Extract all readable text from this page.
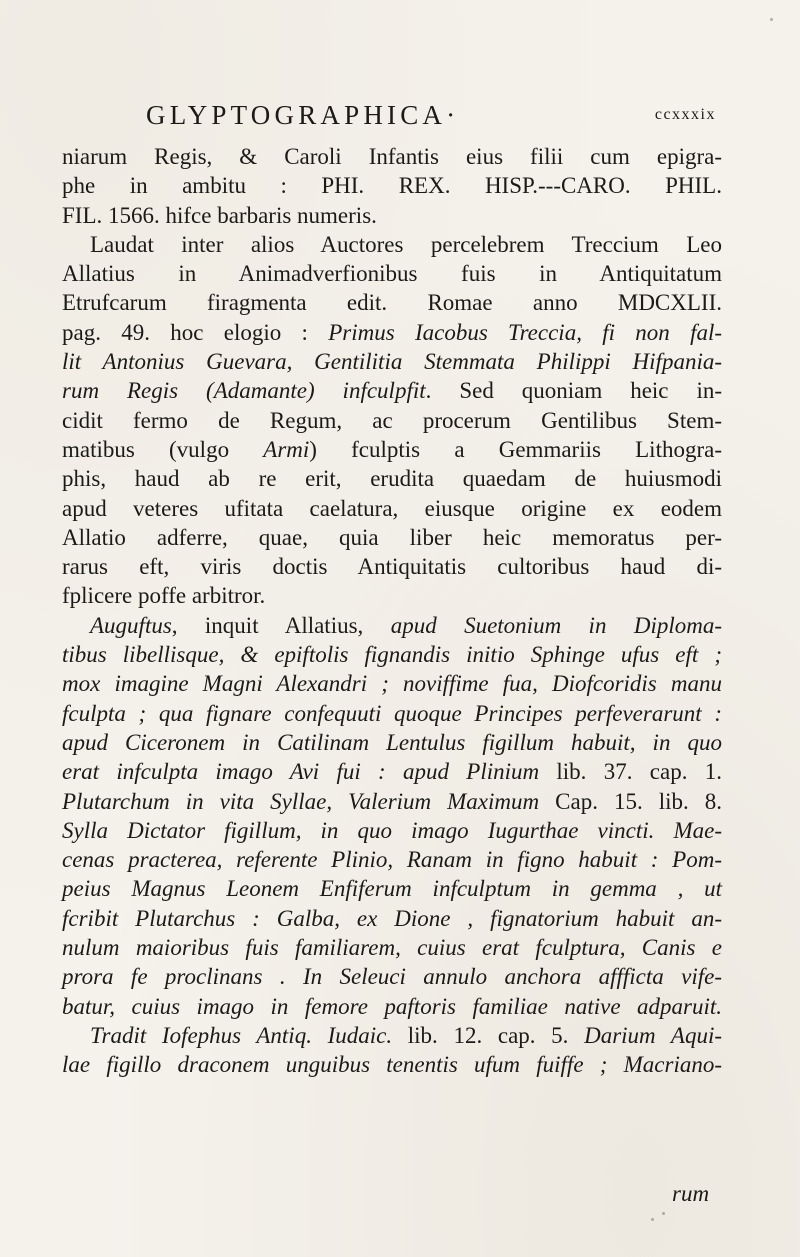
GLYPTOGRAPHICA·	ccxxxix
niarum Regis, & Caroli Infantis eius filii cum epigra-
phe in ambitu : PHI. REX. HISP.---CARO. PHIL.
FIL. 1566. hifce barbaris numeris.
Laudat inter alios Auctores percelebrem Treccium Leo
Allatius in Animadverfionibus fuis in Antiquitatum
Etrufcarum firagmenta edit. Romae anno MDCXLII.
pag. 49. hoc elogio : Primus Iacobus Treccia, fi non fal-
lit Antonius Guevara, Gentilitia Stemmata Philippi Hifpania-
rum Regis (Adamante) infculpfit. Sed quoniam heic in-
cidit fermo de Regum, ac procerum Gentilibus Stem-
matibus (vulgo Armi) fculptis a Gemmariis Lithogra-
phis, haud ab re erit, erudita quaedam de huiusmodi
apud veteres ufitata caelatura, eiusque origine ex eodem
Allatio adferre, quae, quia liber heic memoratus per-
rarus eft, viris doctis Antiquitatis cultoribus haud di-
fplicere poffe arbitror.
Auguftus, inquit Allatius, apud Suetonium in Diploma-
tibus libellisque, & epiftolis fignandis initio Sphinge ufus eft ;
mox imagine Magni Alexandri ; noviffime fua, Diofcoridis manu
fculpta ; qua fignare confequuti quoque Principes perfeverarunt :
apud Ciceronem in Catilinam Lentulus figillum habuit, in quo
erat infculpta imago Avi fui : apud Plinium lib. 37. cap. 1.
Plutarchum in vita Syllae, Valerium Maximum Cap. 15. lib. 8.
Sylla Dictator figillum, in quo imago Iugurthae vincti. Mae-
cenas practerea, referente Plinio, Ranam in figno habuit : Pom-
peius Magnus Leonem Enfiferum infculptum in gemma , ut
fcribit Plutarchus : Galba, ex Dione , fignatorium habuit an-
nulum maioribus fuis familiarem, cuius erat fculptura, Canis e
prora fe proclinans . In Seleuci annulo anchora affficta vife-
batur, cuius imago in femore paftoris familiae native adparuit.
Tradit Iofephus Antiq. Iudaic. lib. 12. cap. 5. Darium Aqui-
lae figillo draconem unguibus tenentis ufum fuiffe ; Macriano-
rum
